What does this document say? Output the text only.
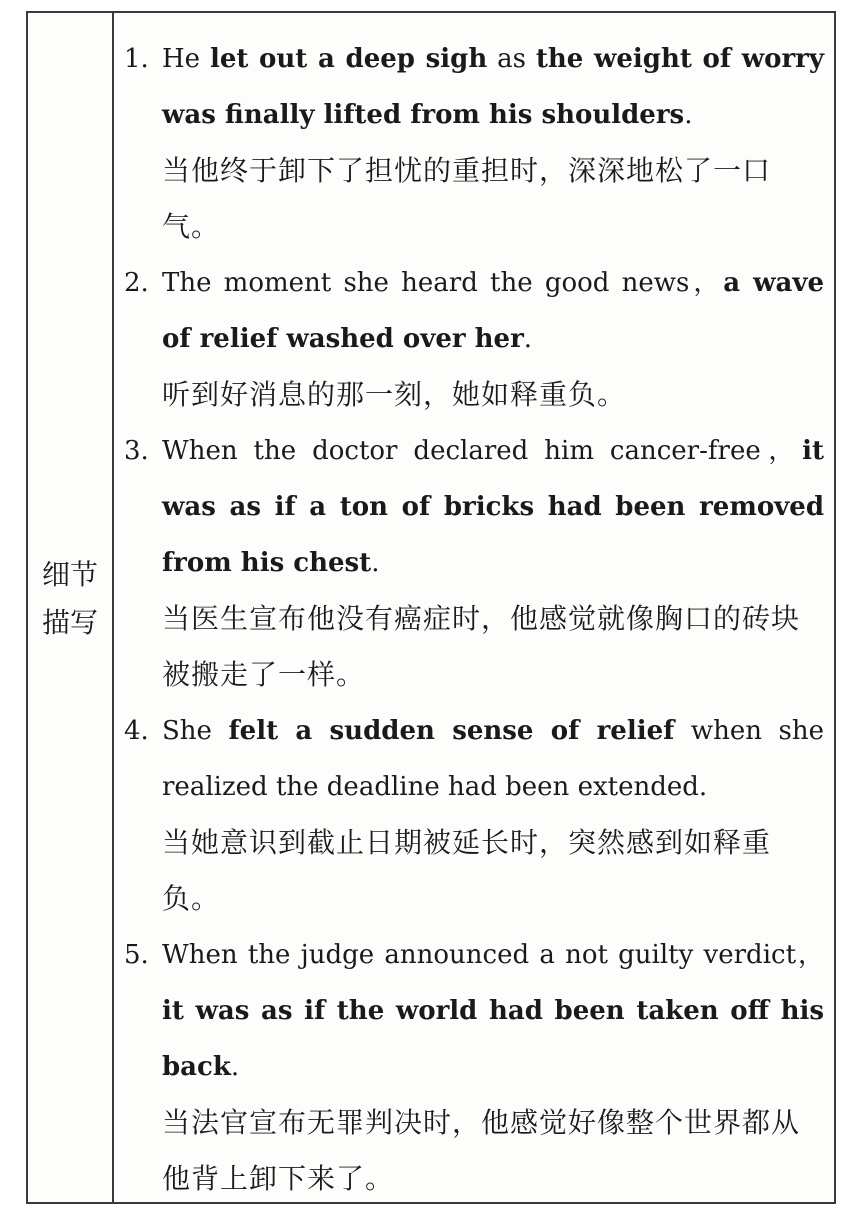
细节
描写
1. He let out a deep sigh as the weight of worry was finally lifted from his shoulders.
当他终于卸下了担忧的重担时，深深地松了一口气。
2. The moment she heard the good news，a wave of relief washed over her.
听到好消息的那一刻，她如释重负。
3. When the doctor declared him cancer-free，it was as if a ton of bricks had been removed from his chest.
当医生宣布他没有癌症时，他感觉就像胸口的砖块被搬走了一样。
4. She felt a sudden sense of relief when she realized the deadline had been extended.
当她意识到截止日期被延长时，突然感到如释重负。
5. When the judge announced a not guilty verdict，it was as if the world had been taken off his back.
当法官宣布无罪判决时，他感觉好像整个世界都从他背上卸下来了。
